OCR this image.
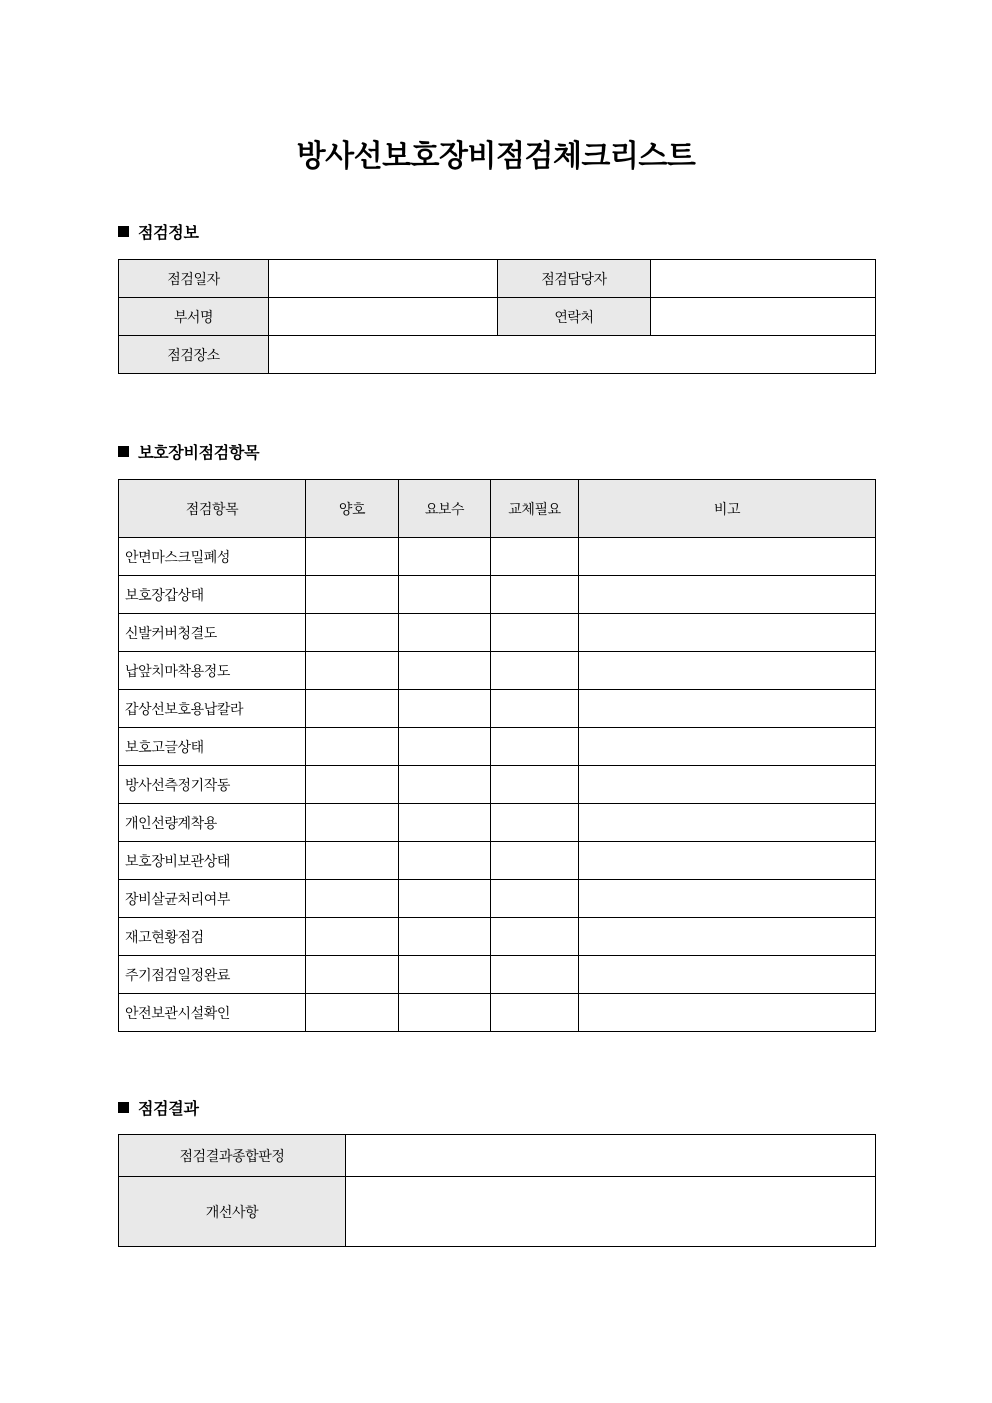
방사선보호장비점검체크리스트
점검정보
점검일자		점검담당자	
부서명		연락처	
점검장소			
보호장비점검항목
점검항목	양호	요보수	교체필요	비고
안면마스크밀폐성				
보호장갑상태				
신발커버청결도				
납앞치마착용정도				
갑상선보호용납칼라				
보호고글상태				
방사선측정기작동				
개인선량계착용				
보호장비보관상태				
장비살균처리여부				
재고현황점검				
주기점검일정완료				
안전보관시설확인				
점검결과
점검결과종합판정	
개선사항	
